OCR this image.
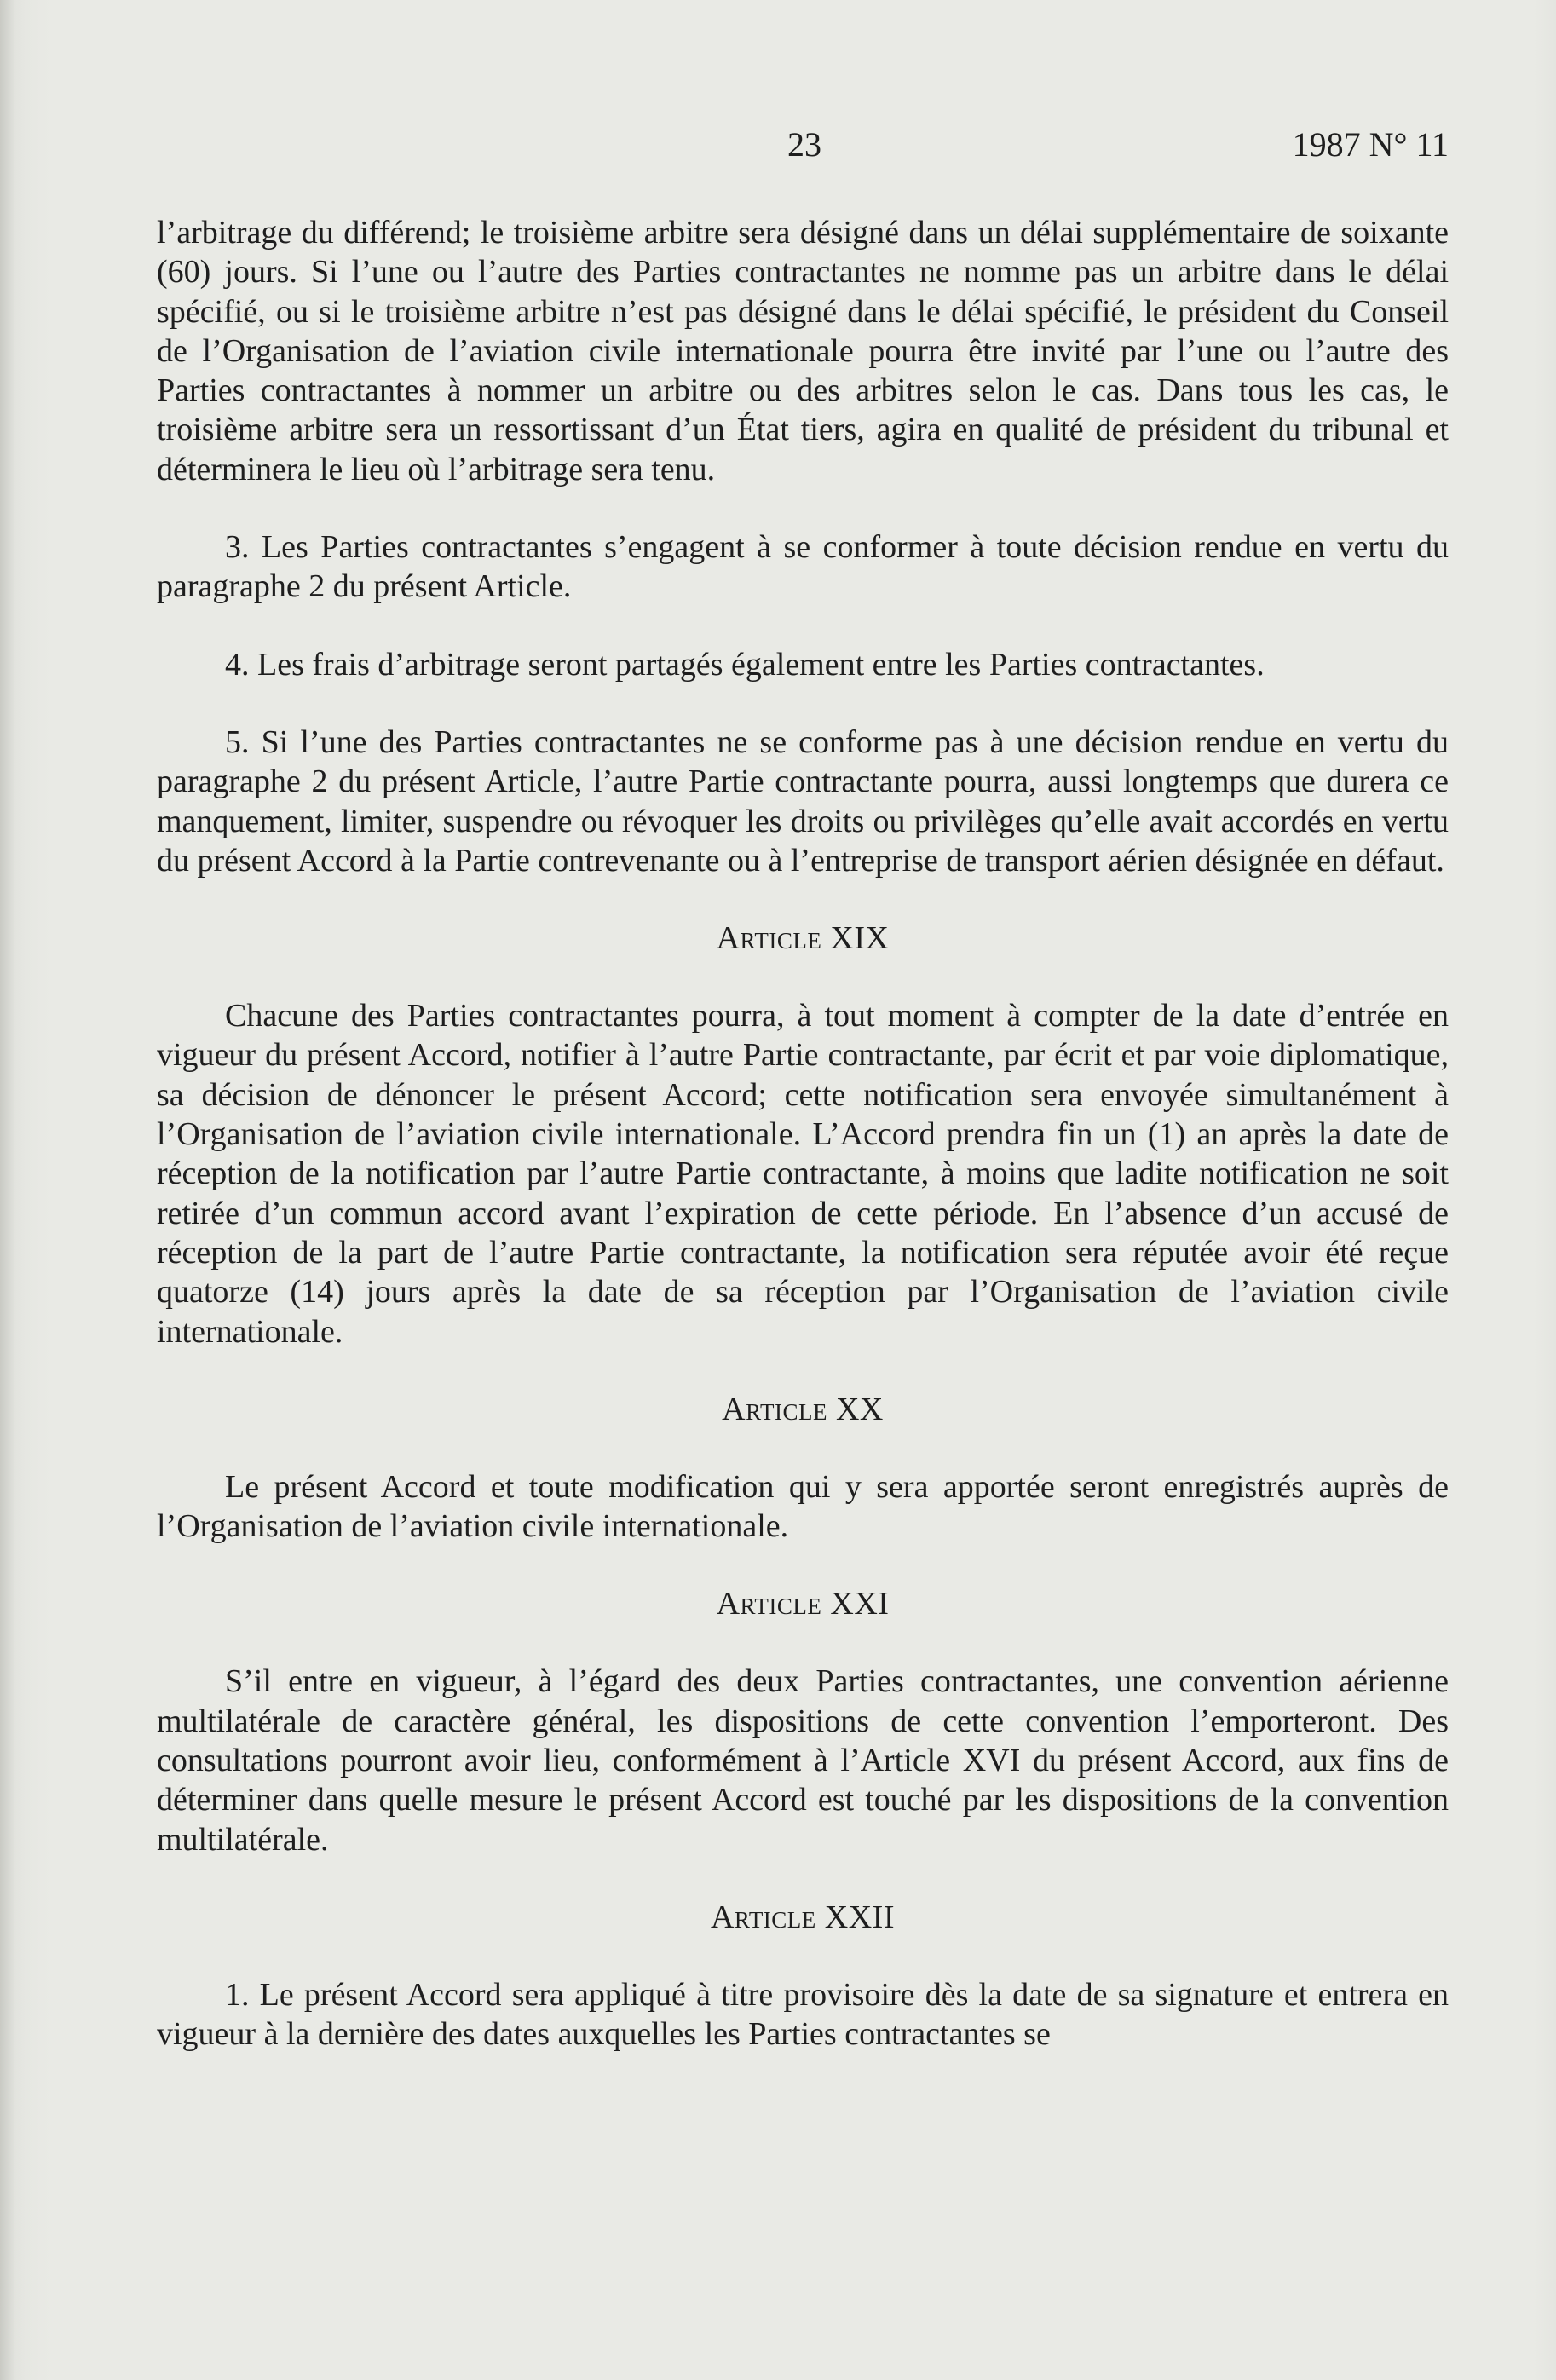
23	1987 N° 11

l’arbitrage du différend; le troisième arbitre sera désigné dans un délai supplémentaire de soixante (60) jours. Si l’une ou l’autre des Parties contractantes ne nomme pas un arbitre dans le délai spécifié, ou si le troisième arbitre n’est pas désigné dans le délai spécifié, le président du Conseil de l’Organisation de l’aviation civile internationale pourra être invité par l’une ou l’autre des Parties contractantes à nommer un arbitre ou des arbitres selon le cas. Dans tous les cas, le troisième arbitre sera un ressortissant d’un État tiers, agira en qualité de président du tribunal et déterminera le lieu où l’arbitrage sera tenu.

3. Les Parties contractantes s’engagent à se conformer à toute décision rendue en vertu du paragraphe 2 du présent Article.

4. Les frais d’arbitrage seront partagés également entre les Parties contractantes.

5. Si l’une des Parties contractantes ne se conforme pas à une décision rendue en vertu du paragraphe 2 du présent Article, l’autre Partie contractante pourra, aussi longtemps que durera ce manquement, limiter, suspendre ou révoquer les droits ou privilèges qu’elle avait accordés en vertu du présent Accord à la Partie contrevenante ou à l’entreprise de transport aérien désignée en défaut.

Article XIX

Chacune des Parties contractantes pourra, à tout moment à compter de la date d’entrée en vigueur du présent Accord, notifier à l’autre Partie contractante, par écrit et par voie diplomatique, sa décision de dénoncer le présent Accord; cette notification sera envoyée simultanément à l’Organisation de l’aviation civile internationale. L’Accord prendra fin un (1) an après la date de réception de la notification par l’autre Partie contractante, à moins que ladite notification ne soit retirée d’un commun accord avant l’expiration de cette période. En l’absence d’un accusé de réception de la part de l’autre Partie contractante, la notification sera réputée avoir été reçue quatorze (14) jours après la date de sa réception par l’Organisation de l’aviation civile internationale.

Article XX

Le présent Accord et toute modification qui y sera apportée seront enregistrés auprès de l’Organisation de l’aviation civile internationale.

Article XXI

S’il entre en vigueur, à l’égard des deux Parties contractantes, une convention aérienne multilatérale de caractère général, les dispositions de cette convention l’emporteront. Des consultations pourront avoir lieu, conformément à l’Article XVI du présent Accord, aux fins de déterminer dans quelle mesure le présent Accord est touché par les dispositions de la convention multilatérale.

Article XXII

1. Le présent Accord sera appliqué à titre provisoire dès la date de sa signature et entrera en vigueur à la dernière des dates auxquelles les Parties contractantes se
